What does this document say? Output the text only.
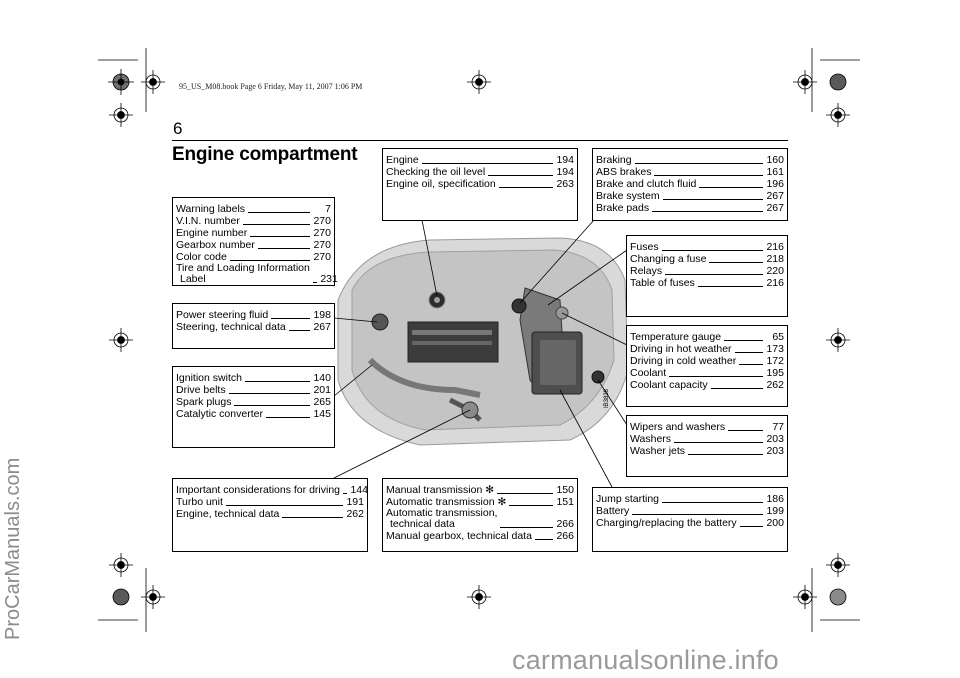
IB3838
95_US_M08.book Page 6 Friday, May 11, 2007 1:06 PM
6
Engine compartment
Warning labels	7
V.I.N. number	270
Engine number	270
Gearbox number	270
Color code	270
Tire and Loading Information
Label	231
Power steering fluid	198
Steering, technical data	267
Ignition switch	140
Drive belts	201
Spark plugs	265
Catalytic converter	145
Important considerations for driving 144
Turbo unit	191
Engine, technical data	262
Engine	194
Checking the oil level	194
Engine oil, specification	263
Manual transmission ✻	150
Automatic transmission ✻	151
Automatic transmission,
technical data	266
Manual gearbox, technical data 266
Braking	160
ABS brakes	161
Brake and clutch fluid	196
Brake system	267
Brake pads	267
Fuses	216
Changing a fuse	218
Relays	220
Table of fuses	216
Temperature gauge	65
Driving in hot weather	173
Driving in cold weather	172
Coolant	195
Coolant capacity	262
Wipers and washers	77
Washers	203
Washer jets	203
Jump starting	186
Battery	199
Charging/replacing the battery	200
ProCarManuals.com
carmanualsonline.info
